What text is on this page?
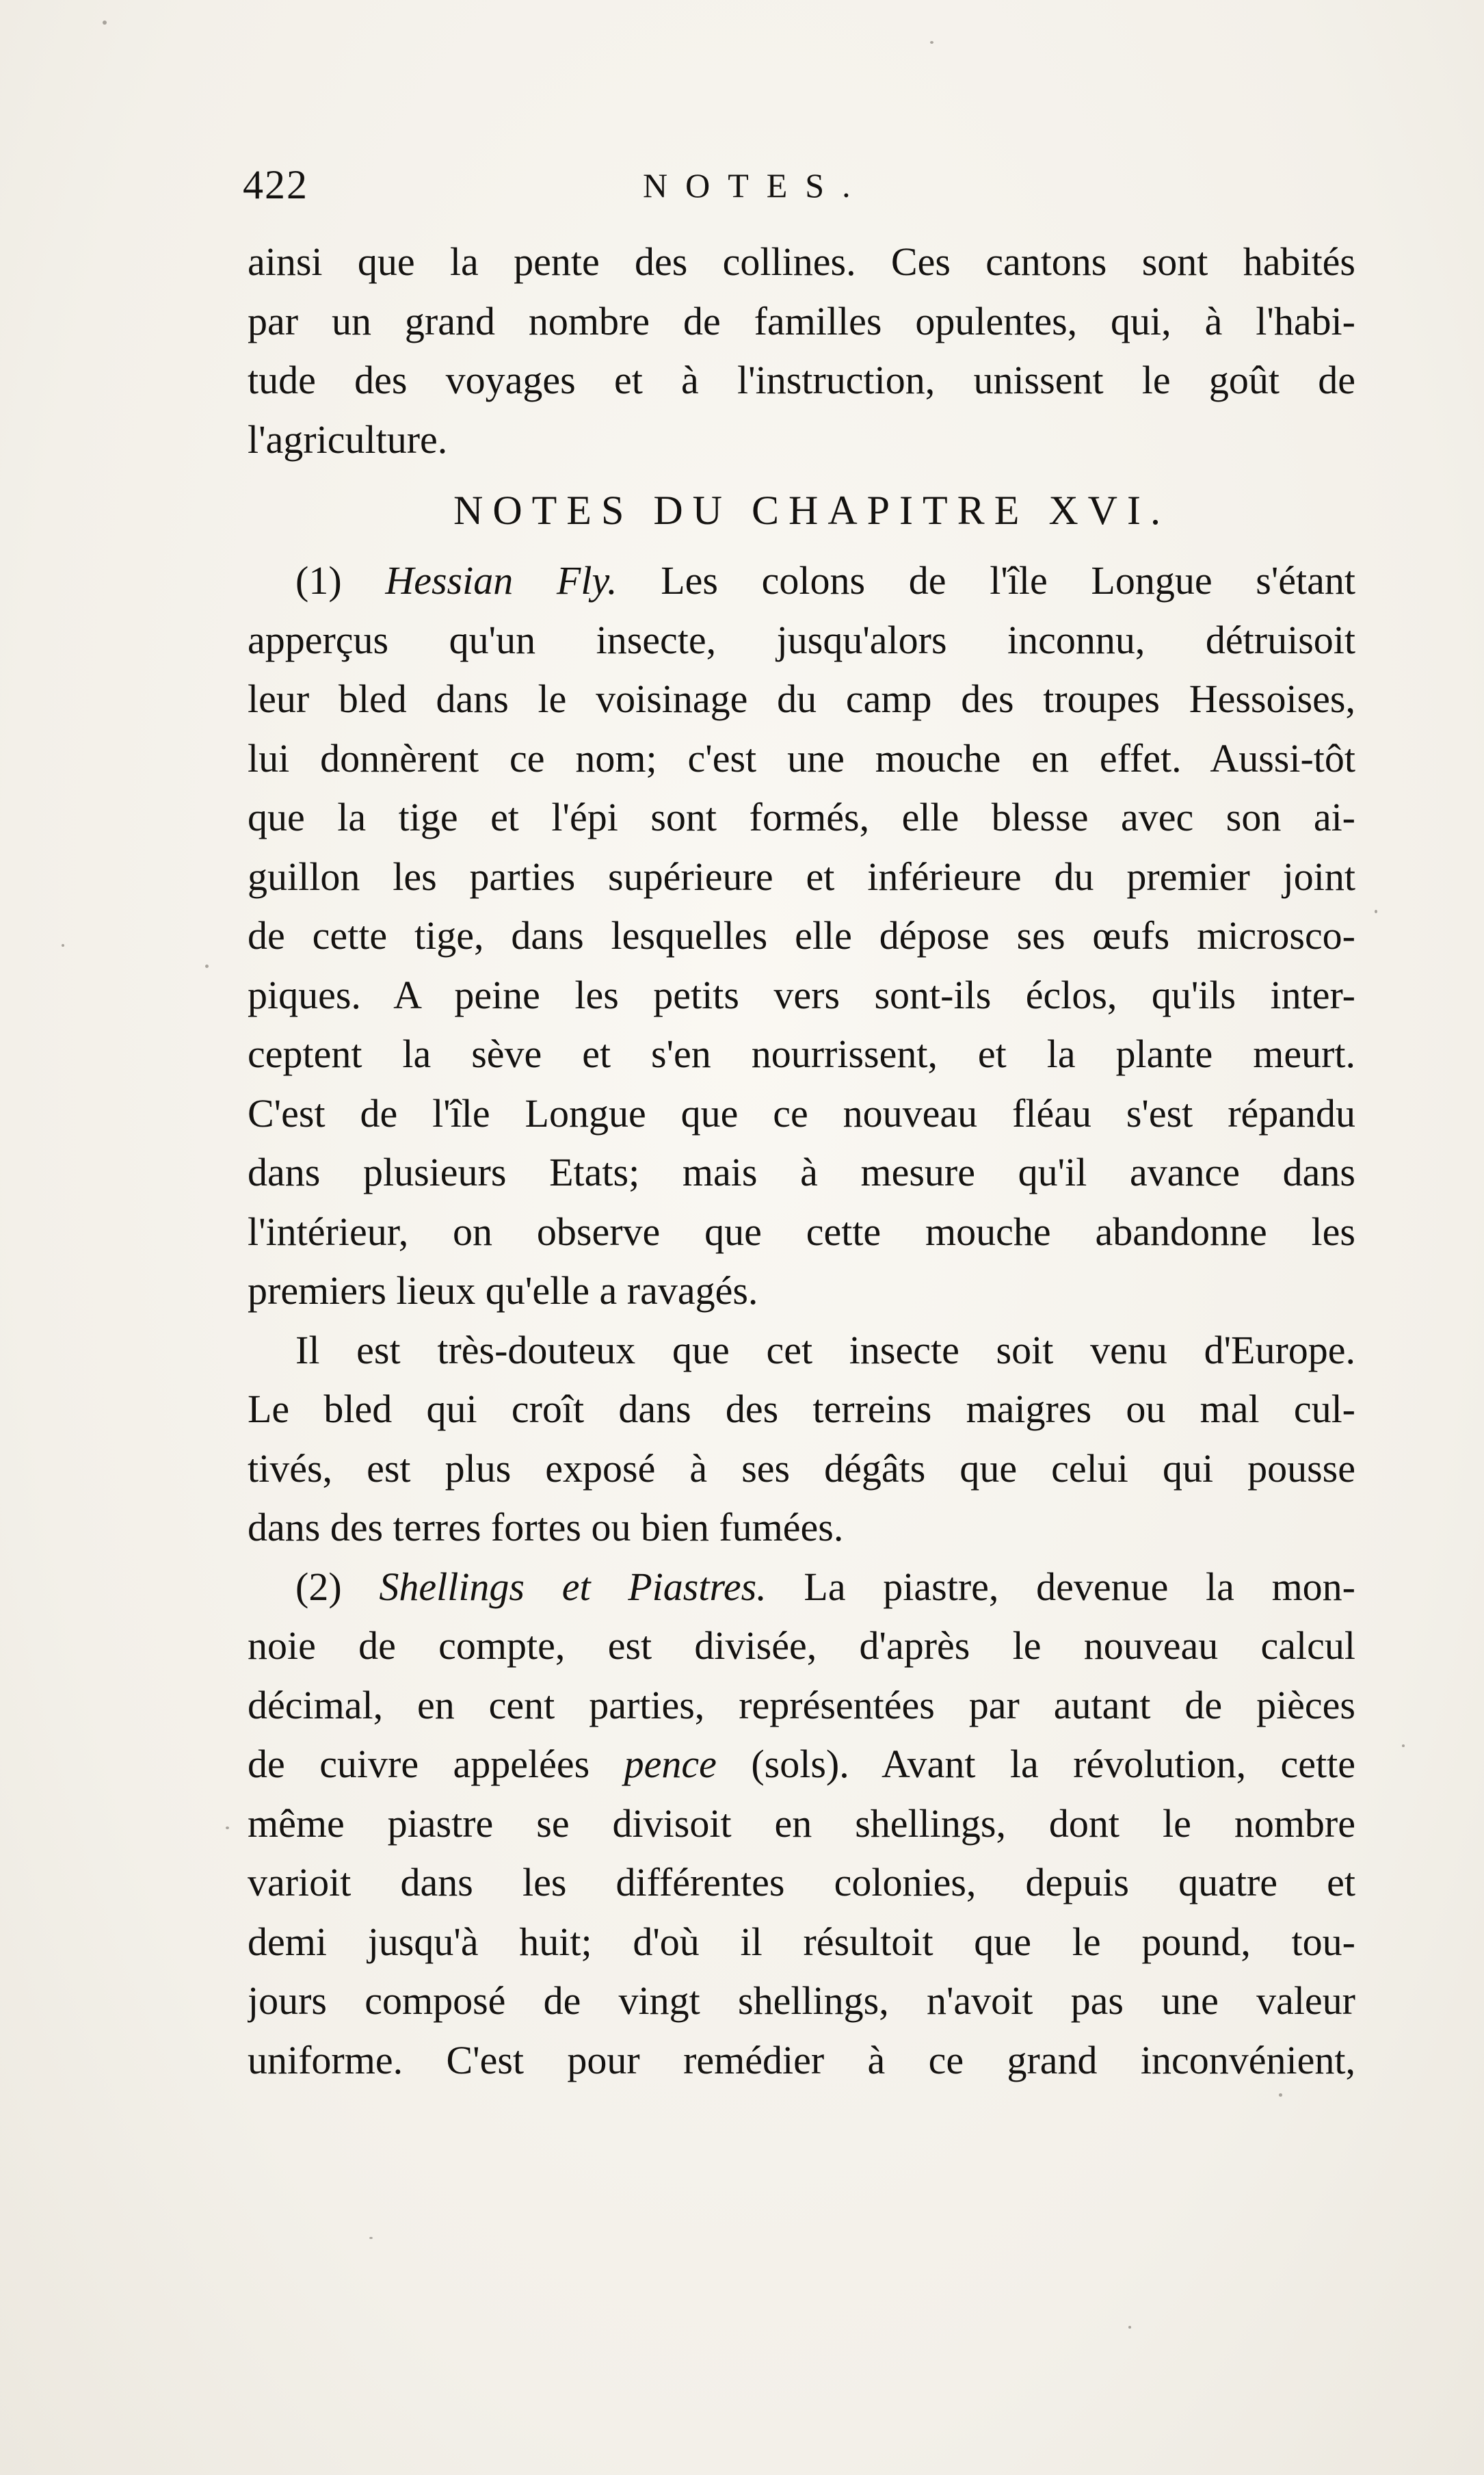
422	NOTES.
ainsi que la pente des collines. Ces cantons sont habités
par un grand nombre de familles opulentes, qui, à l'habi-
tude des voyages et à l'instruction, unissent le goût de
l'agriculture.
NOTES DU CHAPITRE XVI.
(1) Hessian Fly. Les colons de l'île Longue s'étant
apperçus qu'un insecte, jusqu'alors inconnu, détruisoit
leur bled dans le voisinage du camp des troupes Hessoises,
lui donnèrent ce nom; c'est une mouche en effet. Aussi-tôt
que la tige et l'épi sont formés, elle blesse avec son ai-
guillon les parties supérieure et inférieure du premier joint
de cette tige, dans lesquelles elle dépose ses œufs microsco-
piques. A peine les petits vers sont-ils éclos, qu'ils inter-
ceptent la sève et s'en nourrissent, et la plante meurt.
C'est de l'île Longue que ce nouveau fléau s'est répandu
dans plusieurs Etats; mais à mesure qu'il avance dans
l'intérieur, on observe que cette mouche abandonne les
premiers lieux qu'elle a ravagés.
Il est très-douteux que cet insecte soit venu d'Europe.
Le bled qui croît dans des terreins maigres ou mal cul-
tivés, est plus exposé à ses dégâts que celui qui pousse
dans des terres fortes ou bien fumées.
(2) Shellings et Piastres. La piastre, devenue la mon-
noie de compte, est divisée, d'après le nouveau calcul
décimal, en cent parties, représentées par autant de pièces
de cuivre appelées pence (sols). Avant la révolution, cette
même piastre se divisoit en shellings, dont le nombre
varioit dans les différentes colonies, depuis quatre et
demi jusqu'à huit; d'où il résultoit que le pound, tou-
jours composé de vingt shellings, n'avoit pas une valeur
uniforme. C'est pour remédier à ce grand inconvénient,
